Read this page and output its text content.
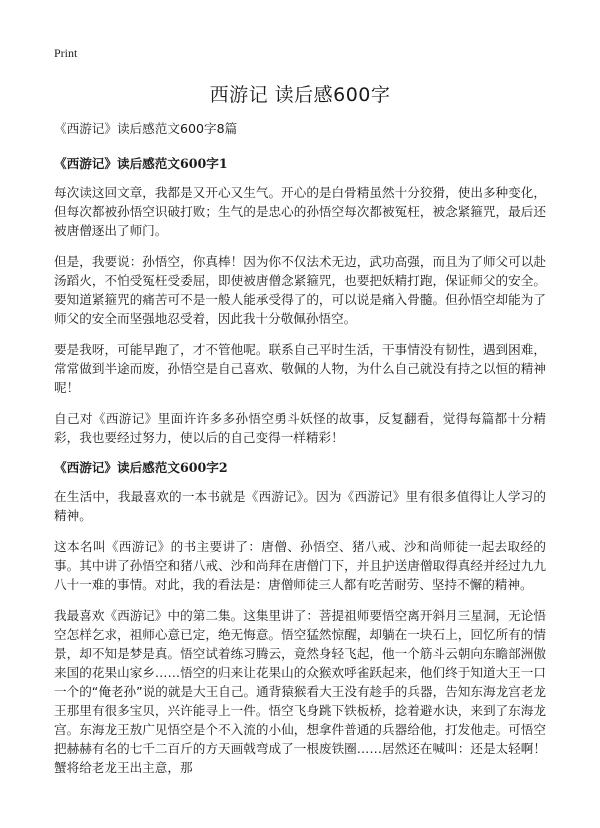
Print
西游记 读后感600字

《西游记》读后感范文600字8篇

《西游记》读后感范文600字1

每次读这回文章，我都是又开心又生气。开心的是白骨精虽然十分狡猾，使出多种变化，但每次都被孙悟空识破打败；生气的是忠心的孙悟空每次都被冤枉，被念紧箍咒，最后还被唐僧逐出了师门。

但是，我要说：孙悟空，你真棒！因为你不仅法术无边，武功高强，而且为了师父可以赴汤蹈火，不怕受冤枉受委屈，即使被唐僧念紧箍咒，也要把妖精打跑，保证师父的安全。要知道紧箍咒的痛苦可不是一般人能承受得了的，可以说是痛入骨髓。但孙悟空却能为了师父的安全而坚强地忍受着，因此我十分敬佩孙悟空。

要是我呀，可能早跑了，才不管他呢。联系自己平时生活，干事情没有韧性，遇到困难，常常做到半途而废，孙悟空是自己喜欢、敬佩的人物，为什么自己就没有持之以恒的精神呢！

自己对《西游记》里面许许多多孙悟空勇斗妖怪的故事，反复翻看，觉得每篇都十分精彩，我也要经过努力，使以后的自己变得一样精彩！

《西游记》读后感范文600字2

在生活中，我最喜欢的一本书就是《西游记》。因为《西游记》里有很多值得让人学习的精神。

这本名叫《西游记》的书主要讲了：唐僧、孙悟空、猪八戒、沙和尚师徒一起去取经的事。其中讲了孙悟空和猪八戒、沙和尚拜在唐僧门下，并且护送唐僧取得真经并经过九九八十一难的事情。对此，我的看法是：唐僧师徒三人都有吃苦耐劳、坚持不懈的精神。

我最喜欢《西游记》中的第二集。这集里讲了：菩提祖师要悟空离开斜月三星洞，无论悟空怎样乞求，祖师心意已定，绝无悔意。悟空猛然惊醒，却躺在一块石上，回忆所有的情景，却不知是梦是真。悟空试着练习腾云，竟然身轻飞起，他一个筋斗云朝向东瞻部洲傲来国的花果山家乡……悟空的归来让花果山的众猴欢呼雀跃起来，他们终于知道大王一口一个的“俺老孙”说的就是大王自己。通背猿猴看大王没有趁手的兵器，告知东海龙宫老龙王那里有很多宝贝，兴许能寻上一件。悟空飞身跳下铁板桥，捻着避水诀，来到了东海龙宫。东海龙王敖广见悟空是个不入流的小仙，想拿件普通的兵器给他，打发他走。可悟空把赫赫有名的七千二百斤的方天画戟弯成了一根废铁圈……居然还在喊叫：还是太轻啊！蟹将给老龙王出主意，那
